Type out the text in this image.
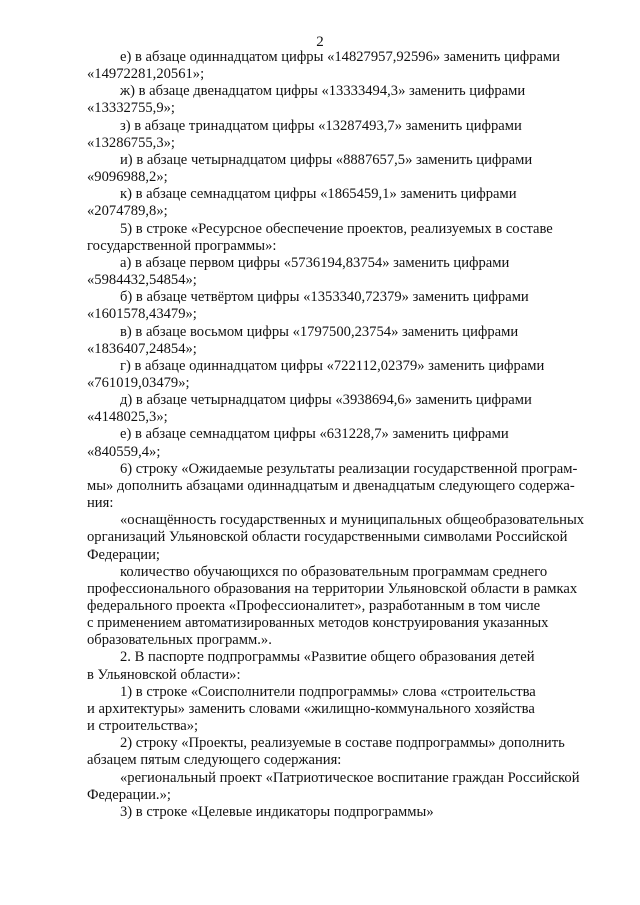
2

е) в абзаце одиннадцатом цифры «14827957,92596» заменить цифрами
«14972281,20561»;

ж) в абзаце двенадцатом цифры «13333494,3» заменить цифрами
«13332755,9»;

з) в абзаце тринадцатом цифры «13287493,7» заменить цифрами
«13286755,3»;

и) в абзаце четырнадцатом цифры «8887657,5» заменить цифрами
«9096988,2»;

к) в абзаце семнадцатом цифры «1865459,1» заменить цифрами
«2074789,8»;

5) в строке «Ресурсное обеспечение проектов, реализуемых в составе
государственной программы»:

а) в абзаце первом цифры «5736194,83754» заменить цифрами
«5984432,54854»;

б) в абзаце четвёртом цифры «1353340,72379» заменить цифрами
«1601578,43479»;

в) в абзаце восьмом цифры «1797500,23754» заменить цифрами
«1836407,24854»;

г) в абзаце одиннадцатом цифры «722112,02379» заменить цифрами
«761019,03479»;

д) в абзаце четырнадцатом цифры «3938694,6» заменить цифрами
«4148025,3»;

е) в абзаце семнадцатом цифры «631228,7» заменить цифрами
«840559,4»;

6) строку «Ожидаемые результаты реализации государственной програм-
мы» дополнить абзацами одиннадцатым и двенадцатым следующего содержа-
ния:

«оснащённость государственных и муниципальных общеобразовательных
организаций Ульяновской области государственными символами Российской
Федерации;

количество обучающихся по образовательным программам среднего
профессионального образования на территории Ульяновской области в рамках
федерального проекта «Профессионалитет», разработанным в том числе
с применением автоматизированных методов конструирования указанных
образовательных программ.».

2. В паспорте подпрограммы «Развитие общего образования детей
в Ульяновской области»:

1) в строке «Соисполнители подпрограммы» слова «строительства
и архитектуры» заменить словами «жилищно-коммунального хозяйства
и строительства»;

2) строку «Проекты, реализуемые в составе подпрограммы» дополнить
абзацем пятым следующего содержания:

«региональный проект «Патриотическое воспитание граждан Российской
Федерации.»;

3) в строке «Целевые индикаторы подпрограммы»
